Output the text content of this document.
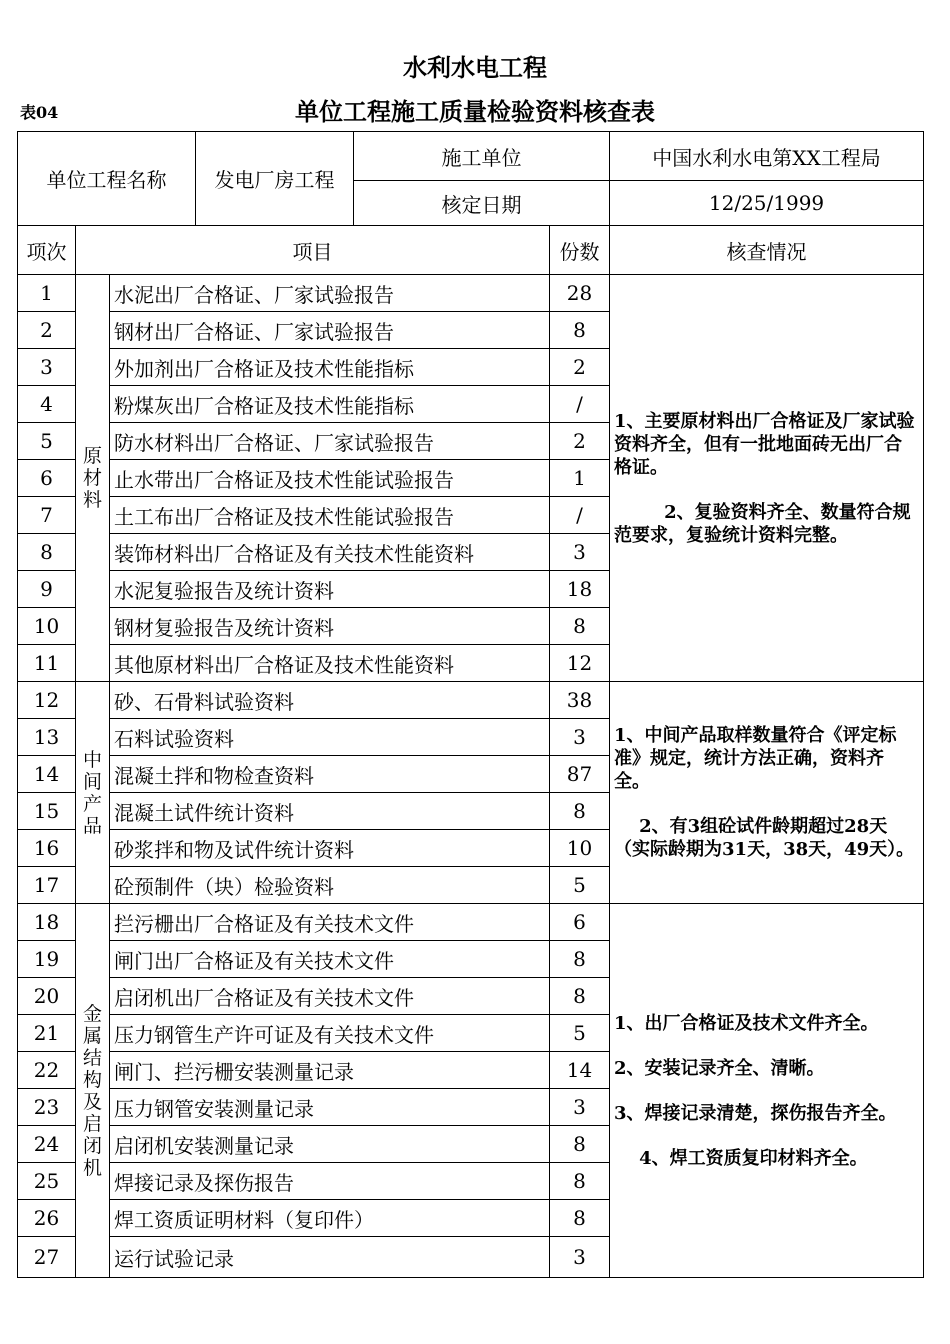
水利水电工程
表04	单位工程施工质量检验资料核查表
单位工程名称			发电厂房工程	施工单位		中国水利水电第XX工程局
				核定日期		12/25/1999
项次	项目				份数	核查情况
1	原材料	水泥出厂合格证、厂家试验报告			28	1、主要原材料出厂合格证及厂家试验资料齐全，但有一批地面砖无出厂合格证。
2、复验资料齐全、数量符合规范要求，复验统计资料完整。

2		钢材出厂合格证、厂家试验报告			8	
3		外加剂出厂合格证及技术性能指标			2	
4		粉煤灰出厂合格证及技术性能指标			/	
5		防水材料出厂合格证、厂家试验报告			2	
6		止水带出厂合格证及技术性能试验报告			1	
7		土工布出厂合格证及技术性能试验报告			/	
8		装饰材料出厂合格证及有关技术性能资料			3	
9		水泥复验报告及统计资料			18	
10		钢材复验报告及统计资料			8	
11		其他原材料出厂合格证及技术性能资料			12	
12	中间产品	砂、石骨料试验资料			38	1、中间产品取样数量符合《评定标准》规定，统计方法正确，资料齐全。
2、有3组砼试件龄期超过28天（实际龄期为31天，38天，49天）。

13		石料试验资料			3	
14		混凝土拌和物检查资料			87	
15		混凝土试件统计资料			8	
16		砂浆拌和物及试件统计资料			10	
17		砼预制件（块）检验资料			5	
18	金属结构及启闭机	拦污栅出厂合格证及有关技术文件			6	1、出厂合格证及技术文件齐全。
2、安装记录齐全、清晰。
3、焊接记录清楚，探伤报告齐全。
4、焊工资质复印材料齐全。

19		闸门出厂合格证及有关技术文件			8	
20		启闭机出厂合格证及有关技术文件			8	
21		压力钢管生产许可证及有关技术文件			5	
22		闸门、拦污栅安装测量记录			14	
23		压力钢管安装测量记录			3	
24		启闭机安装测量记录			8	
25		焊接记录及探伤报告			8	
26		焊工资质证明材料（复印件）			8	
27		运行试验记录			3	
